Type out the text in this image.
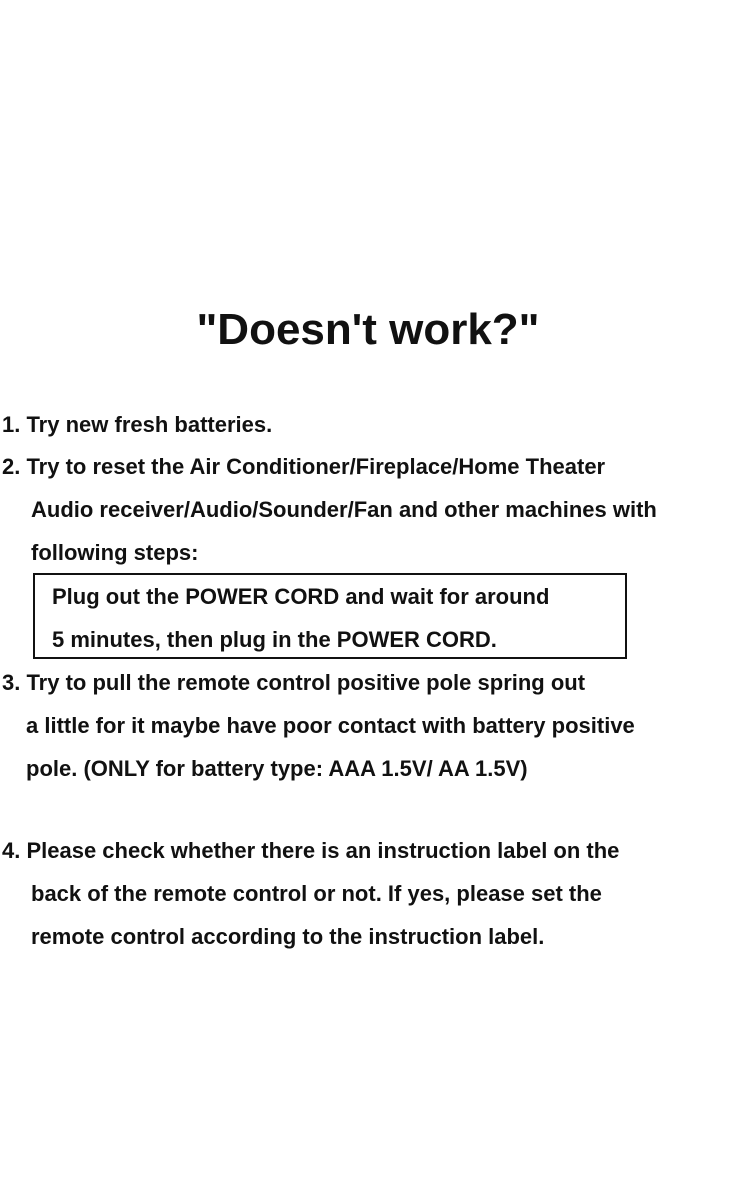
"Doesn't work?"

1. Try new fresh batteries.

2. Try to reset the Air Conditioner/Fireplace/Home Theater

Audio receiver/Audio/Sounder/Fan and other machines with

following steps:

Plug out the POWER CORD and wait for around

5 minutes, then plug in the POWER CORD.

3. Try to pull the remote control positive pole spring out

a little for it maybe have poor contact with battery positive

pole. (ONLY for battery type: AAA 1.5V/ AA 1.5V)

4. Please check whether there is an instruction label on the

back of the remote control or not. If yes, please set the

remote control according to the instruction label.
